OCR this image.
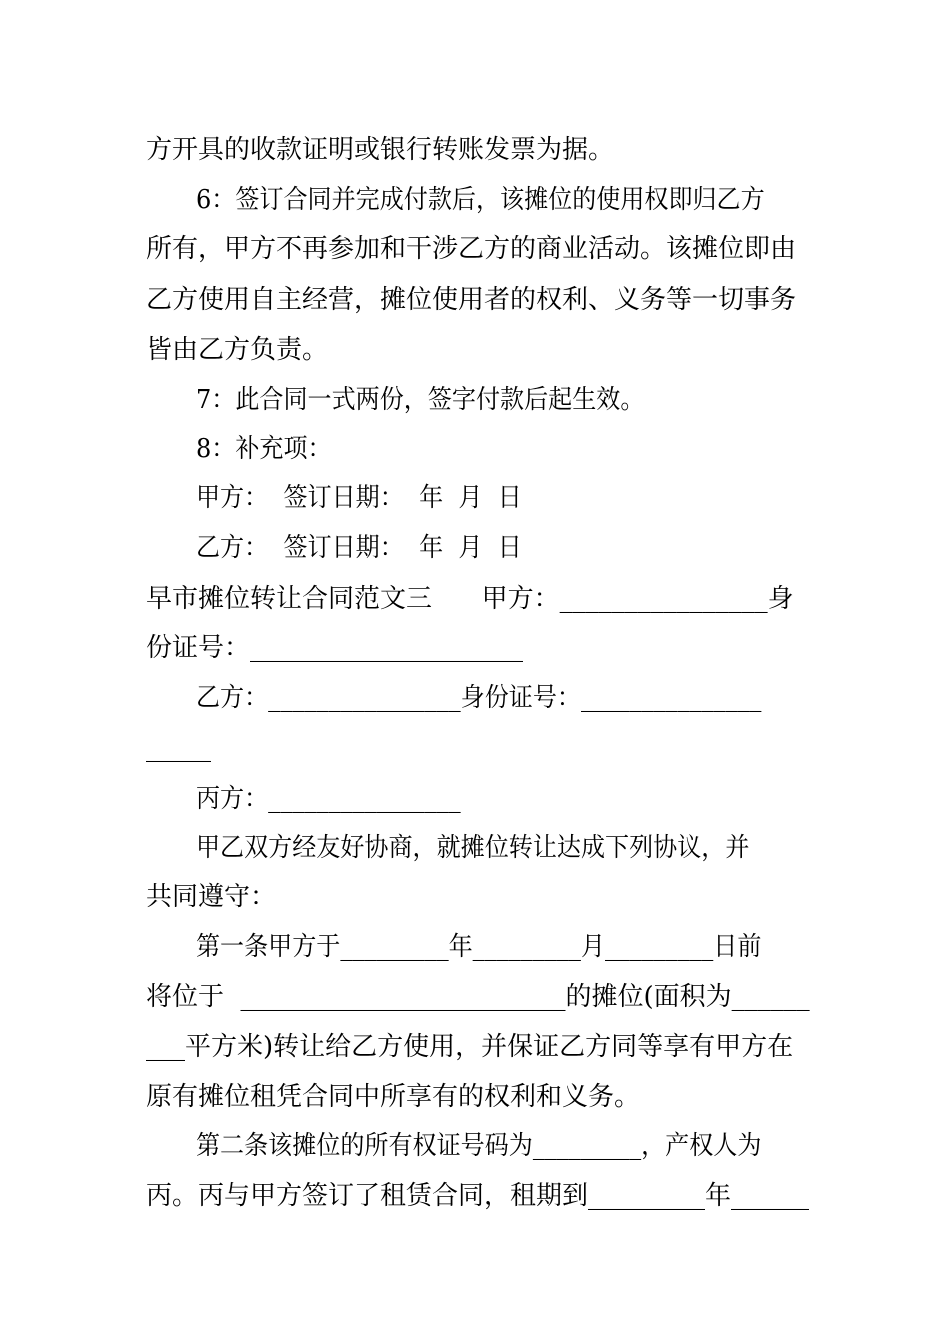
方开具的收款证明或银行转账发票为据。
6：签订合同并完成付款后，该摊位的使用权即归乙方
所有，甲方不再参加和干涉乙方的商业活动。该摊位即由
乙方使用自主经营，摊位使用者的权利、义务等一切事务
皆由乙方负责。
7：此合同一式两份，签字付款后起生效。
8：补充项：
甲方：  签订日期：  年  月  日
乙方：  签订日期：  年  月  日
早市摊位转让合同范文三      甲方：________________身
份证号：_____________________
乙方：________________身份证号：_______________
_____
丙方：________________
甲乙双方经友好协商，就摊位转让达成下列协议，并
共同遵守：
第一条甲方于_________年_________月_________日前
将位于  _________________________的摊位(面积为______
___平方米)转让给乙方使用，并保证乙方同等享有甲方在
原有摊位租凭合同中所享有的权利和义务。
第二条该摊位的所有权证号码为_________，产权人为
丙。丙与甲方签订了租赁合同，租期到_________年______
